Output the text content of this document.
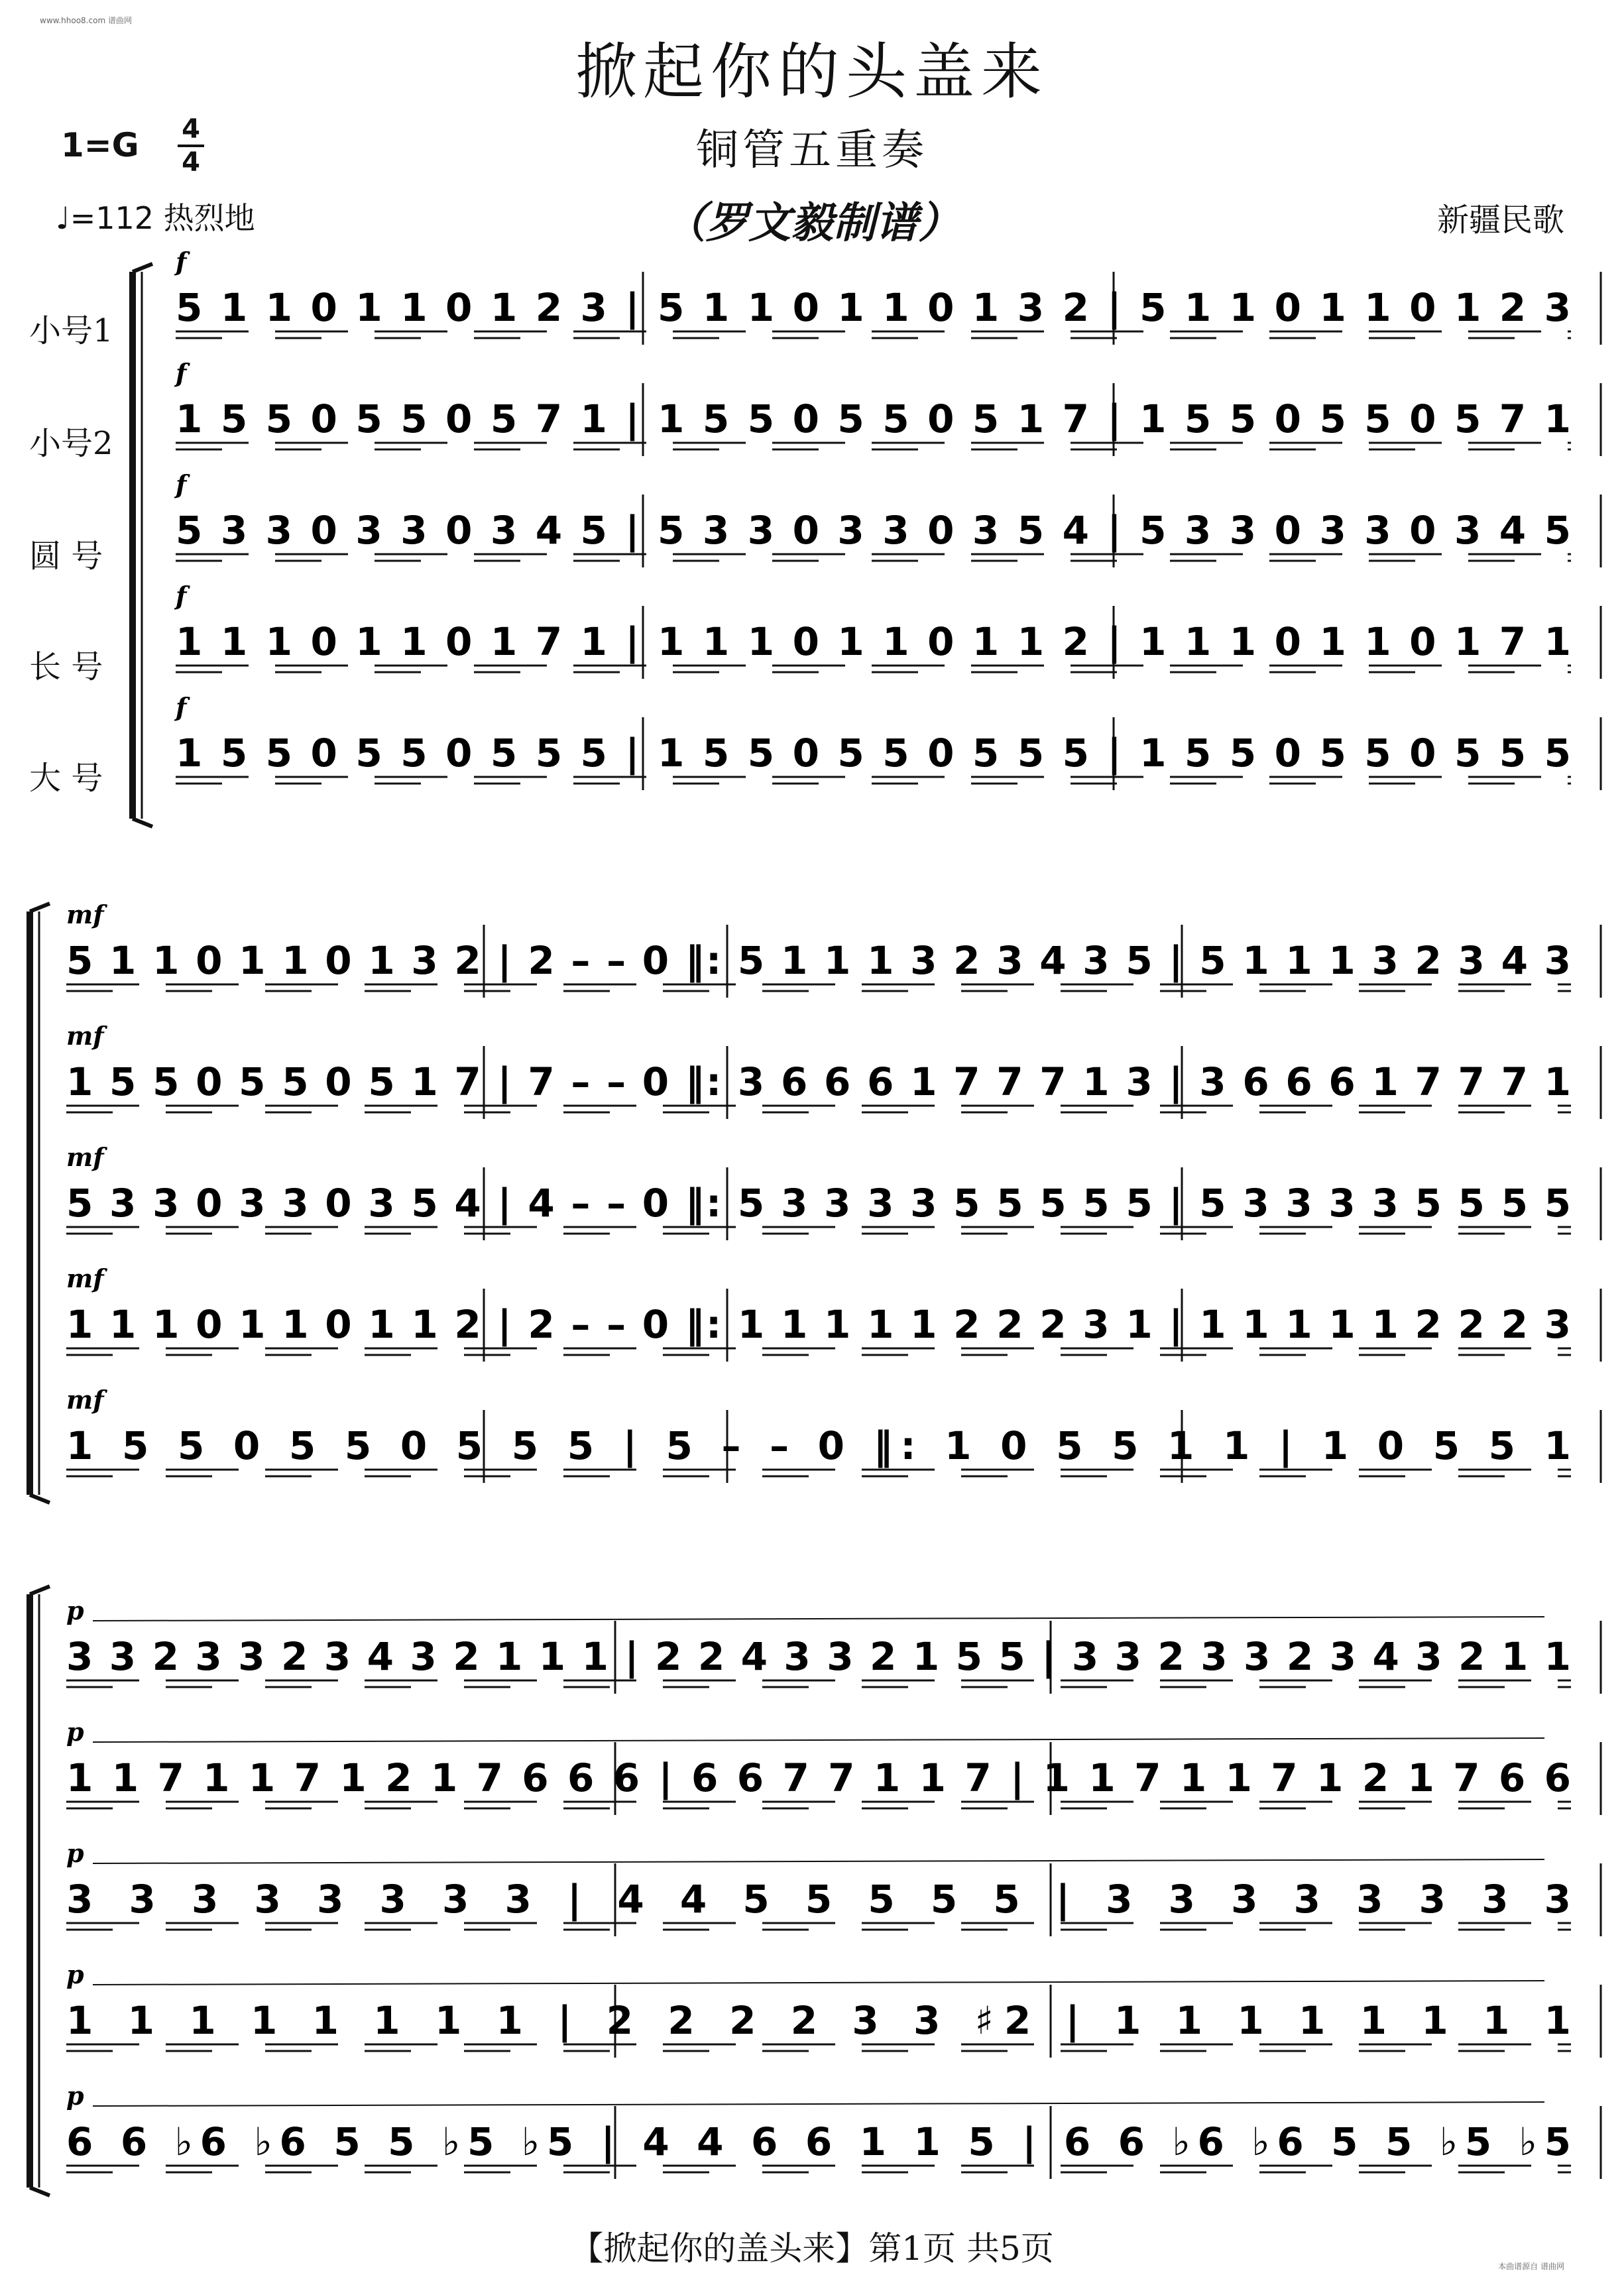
www.hhoo8.com 谱曲网
掀起你的头盖来
铜管五重奏
（罗文毅制谱）
1=G 4
4
♩=112 热烈地	新疆民歌
小号1
小号2
圆 号
长 号
大 号
f
5 1 1 0 1 1 0 1 2 3 | 5 1 1 0 1 1 0 1 3 2 | 5 1 1 0 1 1 0 1 2 3
f
1 5 5 0 5 5 0 5 7 1 | 1 5 5 0 5 5 0 5 1 7 | 1 5 5 0 5 5 0 5 7 1
f
5 3 3 0 3 3 0 3 4 5 | 5 3 3 0 3 3 0 3 5 4 | 5 3 3 0 3 3 0 3 4 5
f
1 1 1 0 1 1 0 1 7 1 | 1 1 1 0 1 1 0 1 1 2 | 1 1 1 0 1 1 0 1 7 1
f
1 5 5 0 5 5 0 5 5 5 | 1 5 5 0 5 5 0 5 5 5 | 1 5 5 0 5 5 0 5 5 5
mf
5 1 1 0 1 1 0 1 3 2 | 2 – – 0 ‖: 5 1 1 1 3 2 3 4 3 5 | 5 1 1 1 3 2 3 4 3
mf
1 5 5 0 5 5 0 5 1 7 | 7 – – 0 ‖: 3 6 6 6 1 7 7 7 1 3 | 3 6 6 6 1 7 7 7 1
mf
5 3 3 0 3 3 0 3 5 4 | 4 – – 0 ‖: 5 3 3 3 3 5 5 5 5 5 | 5 3 3 3 3 5 5 5 5
mf
1 1 1 0 1 1 0 1 1 2 | 2 – – 0 ‖: 1 1 1 1 1 2 2 2 3 1 | 1 1 1 1 1 2 2 2 3
mf
1 5 5 0 5 5 0 5 5 5 | 5 – – 0 ‖: 1 0 5 5 1 1 | 1 0 5 5 1
p
3 3 2 3 3 2 3 4 3 2 1 1 1 | 2 2 4 3 3 2 1 5 5 | 3 3 2 3 3 2 3 4 3 2 1 1
p
1 1 7 1 1 7 1 2 1 7 6 6 6 | 6 6 7 7 1 1 7 | 1 1 7 1 1 7 1 2 1 7 6 6
p
3 3 3 3 3 3 3 3 | 4 4 5 5 5 5 5 | 3 3 3 3 3 3 3 3
p
1 1 1 1 1 1 1 1 | 2 2 2 2 3 3 ♯2 | 1 1 1 1 1 1 1 1
p
6 6 ♭6 ♭6 5 5 ♭5 ♭5 | 4 4 6 6 1 1 5 | 6 6 ♭6 ♭6 5 5 ♭5 ♭5
【掀起你的盖头来】第1页 共5页	本曲谱源自 谱曲网
